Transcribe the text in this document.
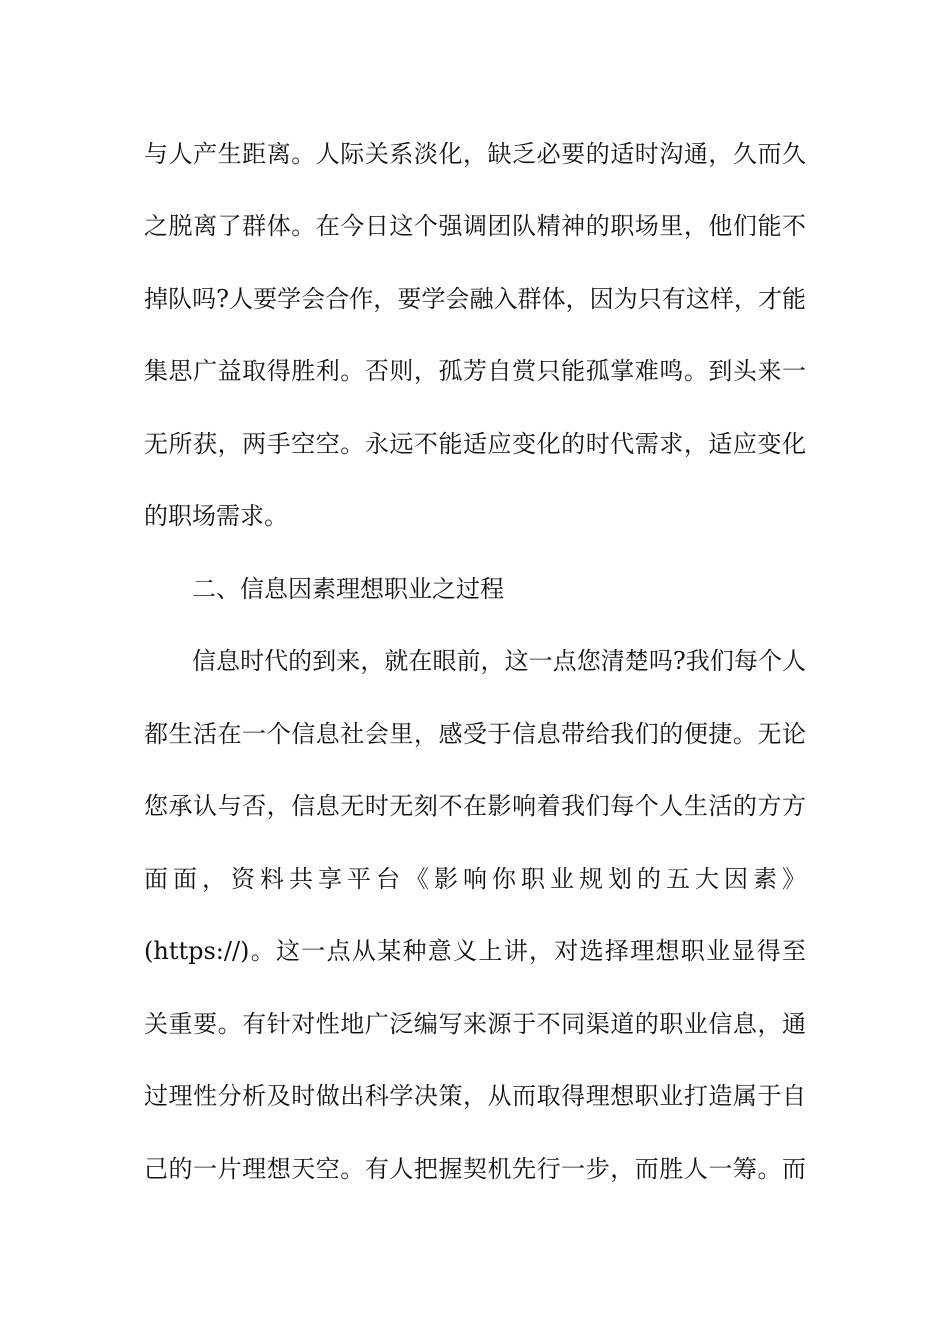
与人产生距离。人际关系淡化，缺乏必要的适时沟通，久而久
之脱离了群体。在今日这个强调团队精神的职场里，他们能不
掉队吗?人要学会合作，要学会融入群体，因为只有这样，才能
集思广益取得胜利。否则，孤芳自赏只能孤掌难鸣。到头来一
无所获，两手空空。永远不能适应变化的时代需求，适应变化
的职场需求。
二、信息因素理想职业之过程
信息时代的到来，就在眼前，这一点您清楚吗?我们每个人
都生活在一个信息社会里，感受于信息带给我们的便捷。无论
您承认与否，信息无时无刻不在影响着我们每个人生活的方方
面面，资料共享平台《影响你职业规划的五大因素》
(https://)。这一点从某种意义上讲，对选择理想职业显得至
关重要。有针对性地广泛编写来源于不同渠道的职业信息，通
过理性分析及时做出科学决策，从而取得理想职业打造属于自
己的一片理想天空。有人把握契机先行一步，而胜人一筹。而
